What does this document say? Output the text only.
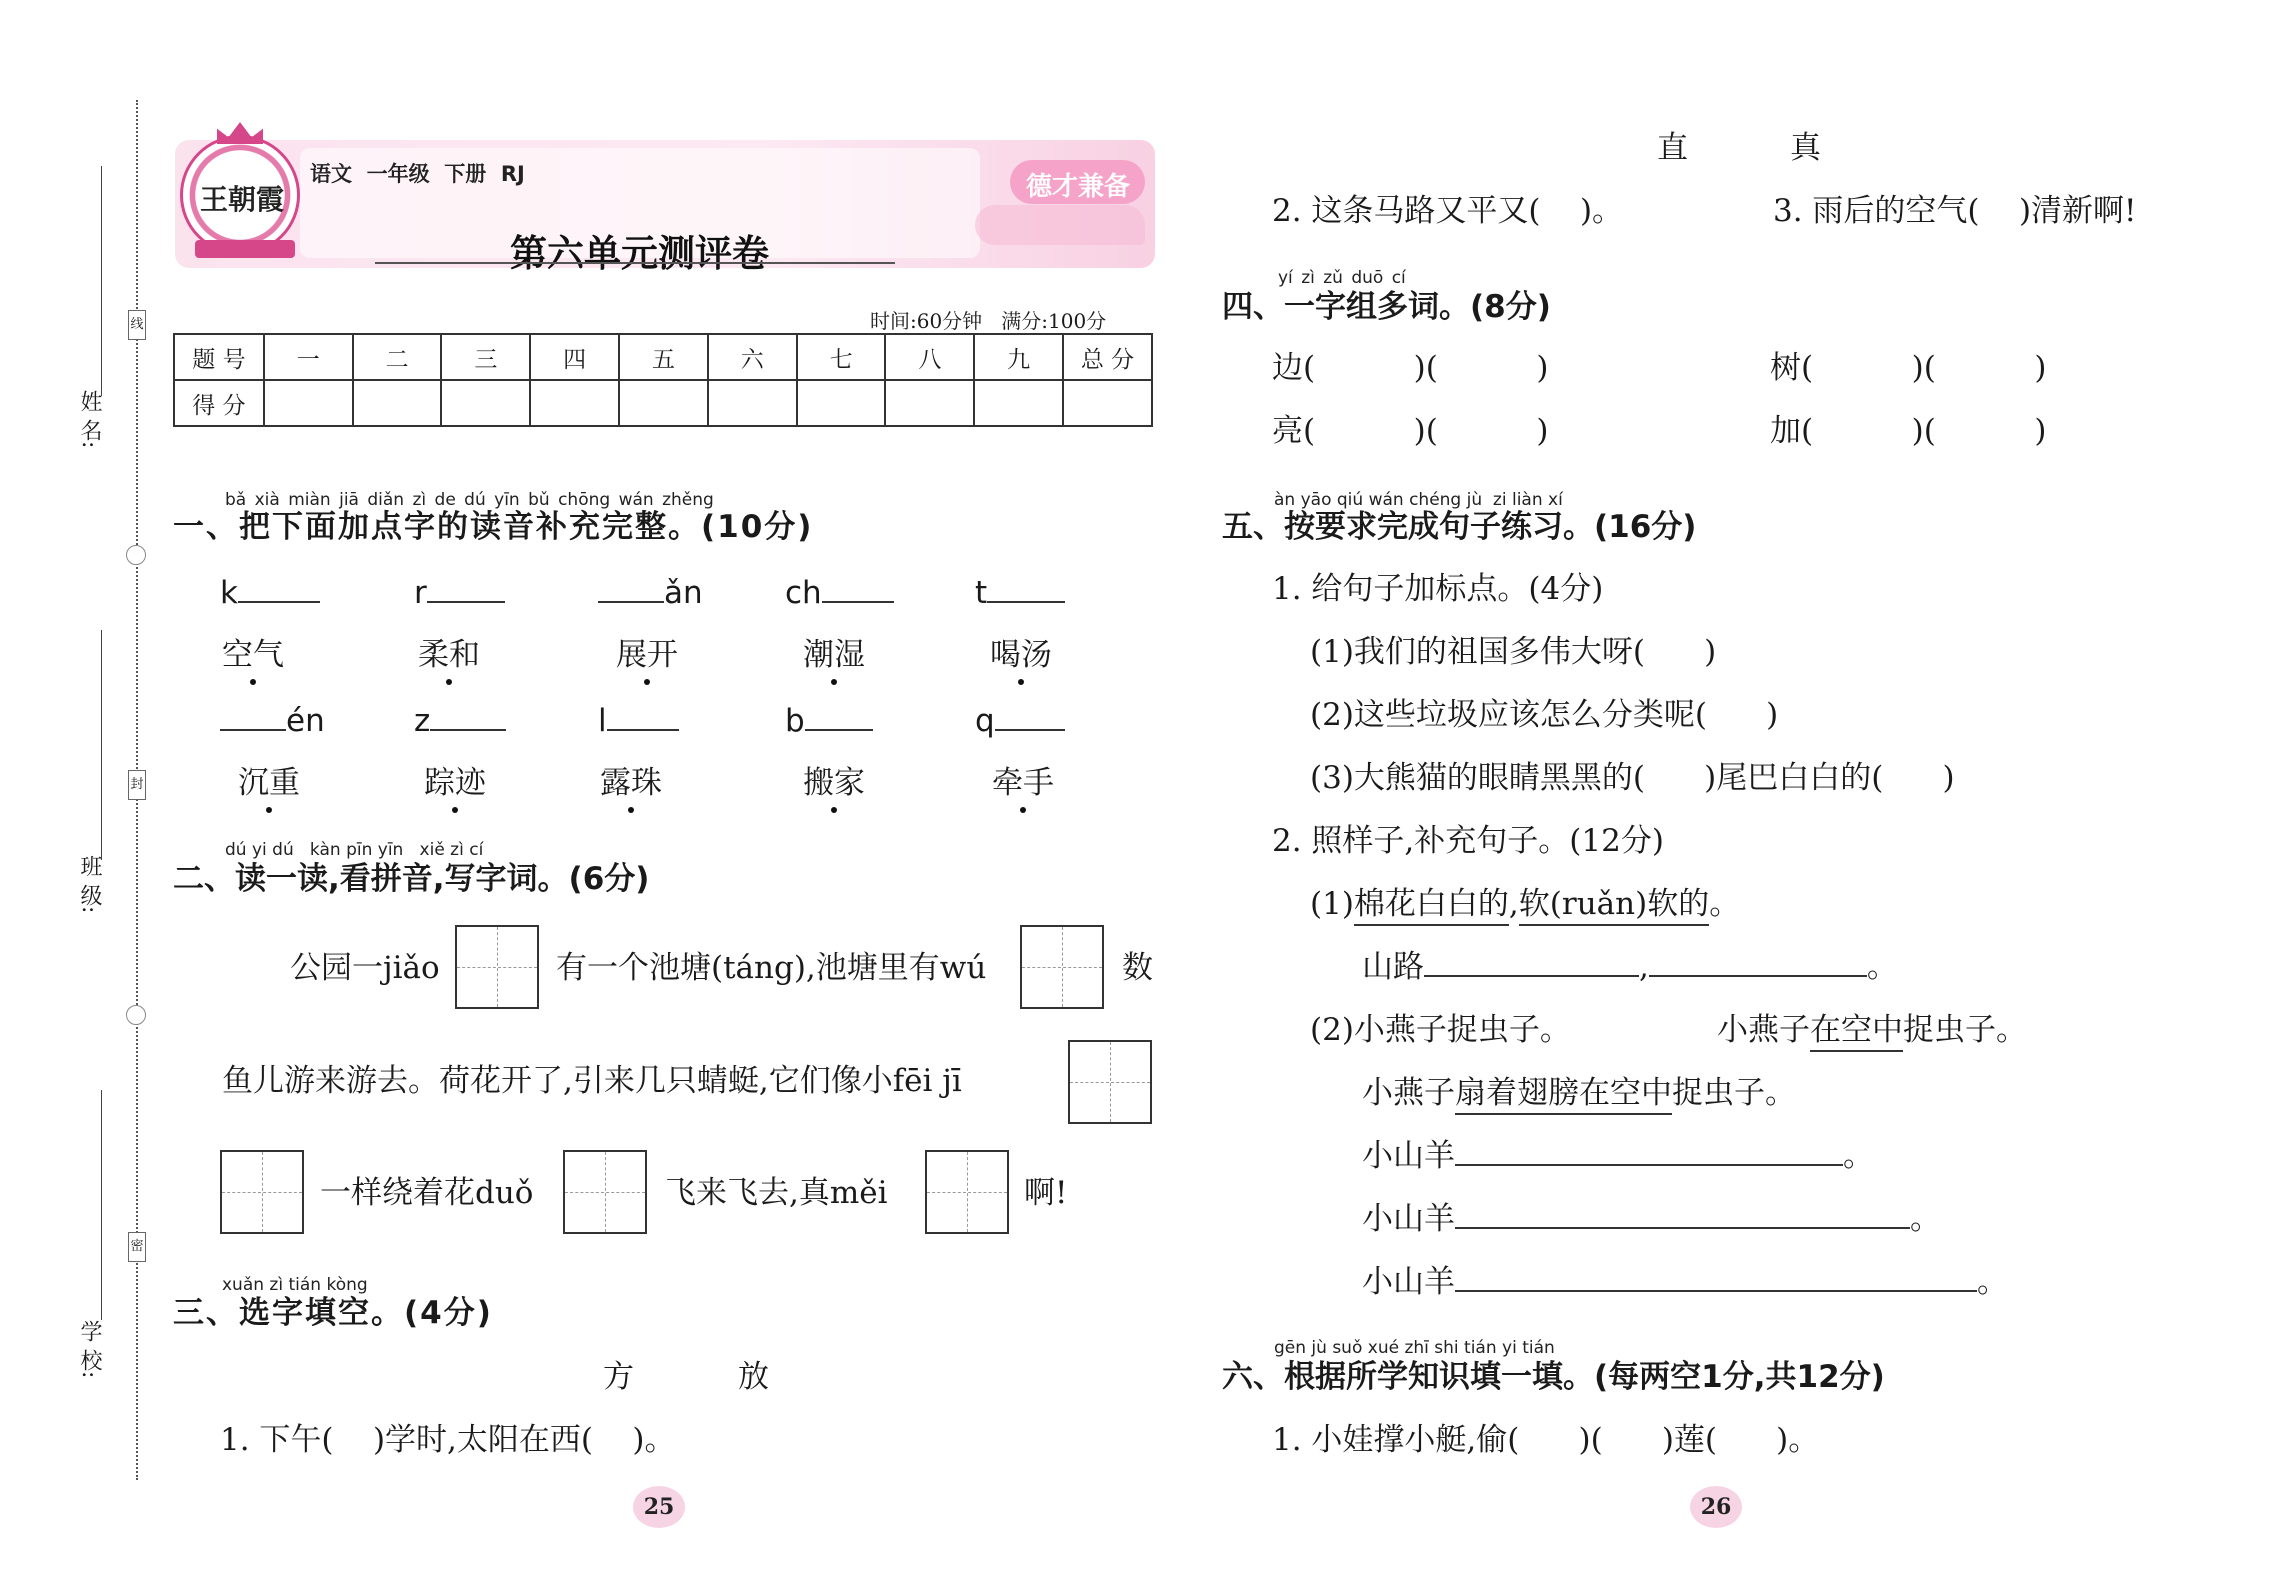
姓 名:
班 级:
学 校:
线
封
密
王朝霞
语文  一年级  下册  RJ
第六单元测评卷
德才兼备
时间:60分钟   满分:100分
题 号	一	二	三	四	五	六	七	八	九	总 分
得 分										
bǎ xià miàn jiā diǎn zì de dú yīn bǔ chōng wán zhěng
一、把下面加点字的读音补充完整。(10分)
k	r	ǎn	ch	t
空气	柔和	展开	潮湿	喝汤
én	z	l	b	q
沉重	踪迹	露珠	搬家	牵手
dú yi dú   kàn pīn yīn   xiě zì cí
二、读一读,看拼音,写字词。(6分)
公园一jiǎo	有一个池塘(táng),池塘里有wú	数
鱼儿游来游去。荷花开了,引来几只蜻蜓,它们像小fēi jī
一样绕着花duǒ	飞来飞去,真měi	啊!
xuǎn zì tián kòng
三、选字填空。(4分)
方	放
1. 下午(    )学时,太阳在西(    )。
25
直	真
2. 这条马路又平又(    )。	3. 雨后的空气(    )清新啊!
yí zì zǔ duō cí
四、一字组多词。(8分)
边(          )(          )	树(          )(          )
亮(          )(          )	加(          )(          )
àn yāo qiú wán chéng jù  zi liàn xí
五、按要求完成句子练习。(16分)
1. 给句子加标点。(4分)
(1)我们的祖国多伟大呀(      )
(2)这些垃圾应该怎么分类呢(      )
(3)大熊猫的眼睛黑黑的(      )尾巴白白的(      )
2. 照样子,补充句子。(12分)
(1)棉花白白的,软(ruǎn)软的。
山路	,	。
(2)小燕子捉虫子。	小燕子在空中捉虫子。
小燕子扇着翅膀在空中捉虫子。
小山羊	。
小山羊	。
小山羊	。
gēn jù suǒ xué zhī shi tián yi tián
六、根据所学知识填一填。(每两空1分,共12分)
1. 小娃撑小艇,偷(      )(      )莲(      )。
26
